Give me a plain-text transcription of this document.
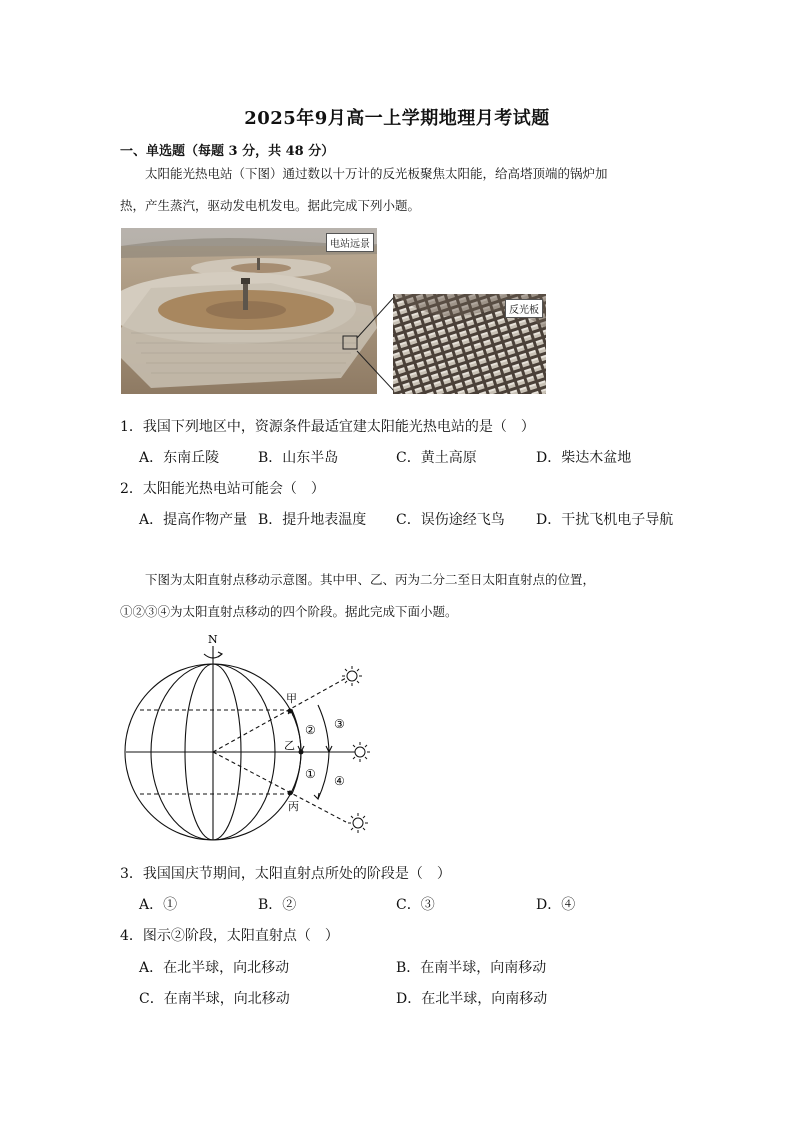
2025年9月高一上学期地理月考试题
一、单选题（每题 3 分，共 48 分）
太阳能光热电站（下图）通过数以十万计的反光板聚焦太阳能，给高塔顶端的锅炉加
热，产生蒸汽，驱动发电机发电。据此完成下列小题。
电站远景
反光板
1．我国下列地区中，资源条件最适宜建太阳能光热电站的是（　）
A．东南丘陵	B．山东半岛	C．黄土高原	D．柴达木盆地
2．太阳能光热电站可能会（　）
A．提高作物产量 B．提升地表温度 C．误伤途经飞鸟 D．干扰飞机电子导航
下图为太阳直射点移动示意图。其中甲、乙、丙为二分二至日太阳直射点的位置，
①②③④为太阳直射点移动的四个阶段。据此完成下面小题。
N
甲
乙
丙
②
①
③
④
3．我国国庆节期间，太阳直射点所处的阶段是（　）
A．①	B．②	C．③	D．④
4．图示②阶段，太阳直射点（　）
A．在北半球，向北移动	B．在南半球，向南移动
C．在南半球，向北移动	D．在北半球，向南移动
